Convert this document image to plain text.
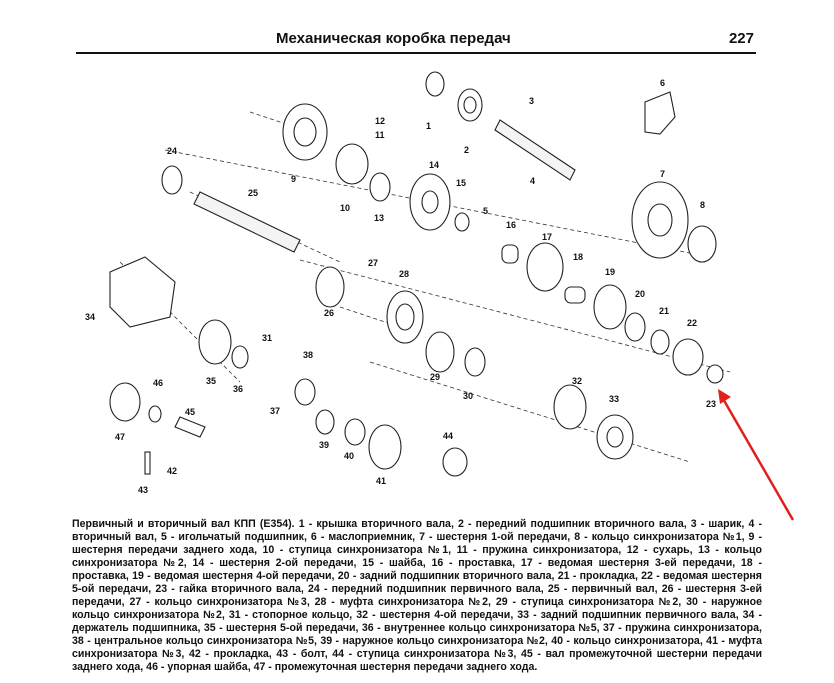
Механическая коробка передач	227
1
2
3
4
5
6
7
8
9
10
11
12
13
14
15
16
17
18
19
20
21
22
23
24
25
26
27
28
29
30
31
32
33
34
35
36
37
38
39
40
41
42
43
44
45
46
47
Первичный и вторичный вал КПП (E354). 1 - крышка вторичного вала, 2 - передний подшипник вторичного вала, 3 - шарик, 4 - вторичный вал, 5 - игольчатый подшипник, 6 - маслоприемник, 7 - шестерня 1-ой передачи, 8 - кольцо синхронизатора №1, 9 - шестерня передачи заднего хода, 10 - ступица синхронизатора №1, 11 - пружина синхронизатора, 12 - сухарь, 13 - кольцо синхронизатора №2, 14 - шестерня 2-ой передачи, 15 - шайба, 16 - проставка, 17 - ведомая шестерня 3-ей передачи, 18 - проставка, 19 - ведомая шестерня 4-ой передачи, 20 - задний подшипник вторичного вала, 21 - прокладка, 22 - ведомая шестерня 5-ой передачи, 23 - гайка вторичного вала, 24 - передний подшипник первичного вала, 25 - первичный вал, 26 - шестерня 3-ей передачи, 27 - кольцо синхронизатора №3, 28 - муфта синхронизатора №2, 29 - ступица синхронизатора №2, 30 - наружное кольцо синхронизатора №2, 31 - стопорное кольцо, 32 - шестерня 4-ой передачи, 33 - задний подшипник первичного вала, 34 - держатель подшипника, 35 - шестерня 5-ой передачи, 36 - внутреннее кольцо синхронизатора №5, 37 - пружина синхронизатора, 38 - центральное кольцо синхронизатора №5, 39 - наружное кольцо синхронизатора №2, 40 - кольцо синхронизатора, 41 - муфта синхронизатора №3, 42 - прокладка, 43 - болт, 44 - ступица синхронизатора №3, 45 - вал промежуточной шестерни передачи заднего хода, 46 - упорная шайба, 47 - промежуточная шестерня передачи заднего хода.
